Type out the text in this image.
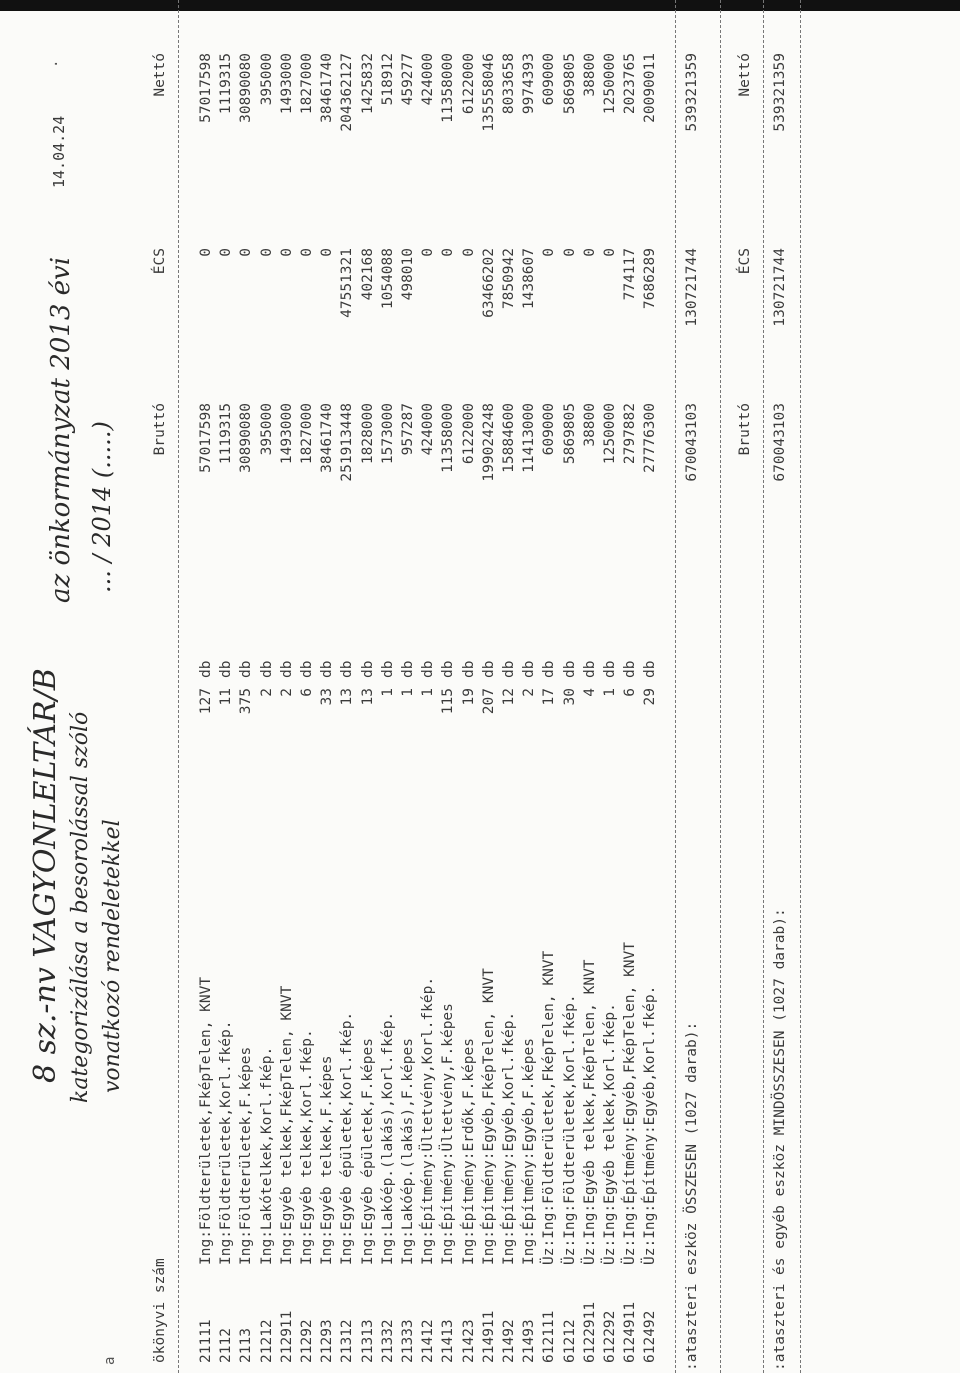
8 sz.-nv VAGYONLELTÁR/B kategorizálása a besorolással szóló vonatkozó rendeletekkel
az önkormányzat 2013 évi ... / 2014 (.....)
14.04.24
.
a

ökönyvi szám

Bruttó

ÉCS

Nettó

21111
Ing:Földterületek,FképTelen, KNVT
127
db
57017598
0
57017598
2112
Ing:Földterületek,Korl.fkép.
11
db
1119315
0
1119315
2113
Ing:Földterületek,F.képes
375
db
30890080
0
30890080
21212
Ing:Lakótelkek,Korl.fkép.
2
db
395000
0
395000
212911
Ing:Egyéb telkek,FképTelen, KNVT
2
db
1493000
0
1493000
21292
Ing:Egyéb telkek,Korl.fkép.
6
db
1827000
0
1827000
21293
Ing:Egyéb telkek,F.képes
33
db
38461740
0
38461740
21312
Ing:Egyéb épületek,Korl.fkép.
13
db
251913448
47551321
204362127
21313
Ing:Egyéb épületek,F.képes
13
db
1828000
402168
1425832
21332
Ing:Lakóép.(lakás),Korl.fkép.
1
db
1573000
1054088
518912
21333
Ing:Lakóép.(lakás),F.képes
1
db
957287
498010
459277
21412
Ing:Építmény:Ültetvény,Korl.fkép.
1
db
424000
0
424000
21413
Ing:Építmény:Ültetvény,F.képes
115
db
11358000
0
11358000
21423
Ing:Építmény:Erdők,F.képes
19
db
6122000
0
6122000
214911
Ing:Építmény:Egyéb,FképTelen, KNVT
207
db
199024248
63466202
135558046
21492
Ing:Építmény:Egyéb,Korl.fkép.
12
db
15884600
7850942
8033658
21493
Ing:Építmény:Egyéb,F.képes
2
db
11413000
1438607
9974393
612111
Üz:Ing:Földterületek,FképTelen, KNVT
17
db
609000
0
609000
61212
Üz:Ing:Földterületek,Korl.fkép.
30
db
5869805
0
5869805
6122911
Üz:Ing:Egyéb telkek,FképTelen, KNVT
4
db
38800
0
38800
612292
Üz:Ing:Egyéb telkek,Korl.fkép.
1
db
1250000
0
1250000
6124911
Üz:Ing:Építmény:Egyéb,FképTelen, KNVT
6
db
2797882
774117
2023765
612492
Üz:Ing:Építmény:Egyéb,Korl.fkép.
29
db
27776300
7686289
20090011

:ataszteri eszköz ÖSSZESEN (1027 darab):

670043103

130721744

539321359

Bruttó

ÉCS

Nettó

:ataszteri és egyéb eszköz MINDÖSSZESEN (1027 darab):

670043103

130721744

539321359
